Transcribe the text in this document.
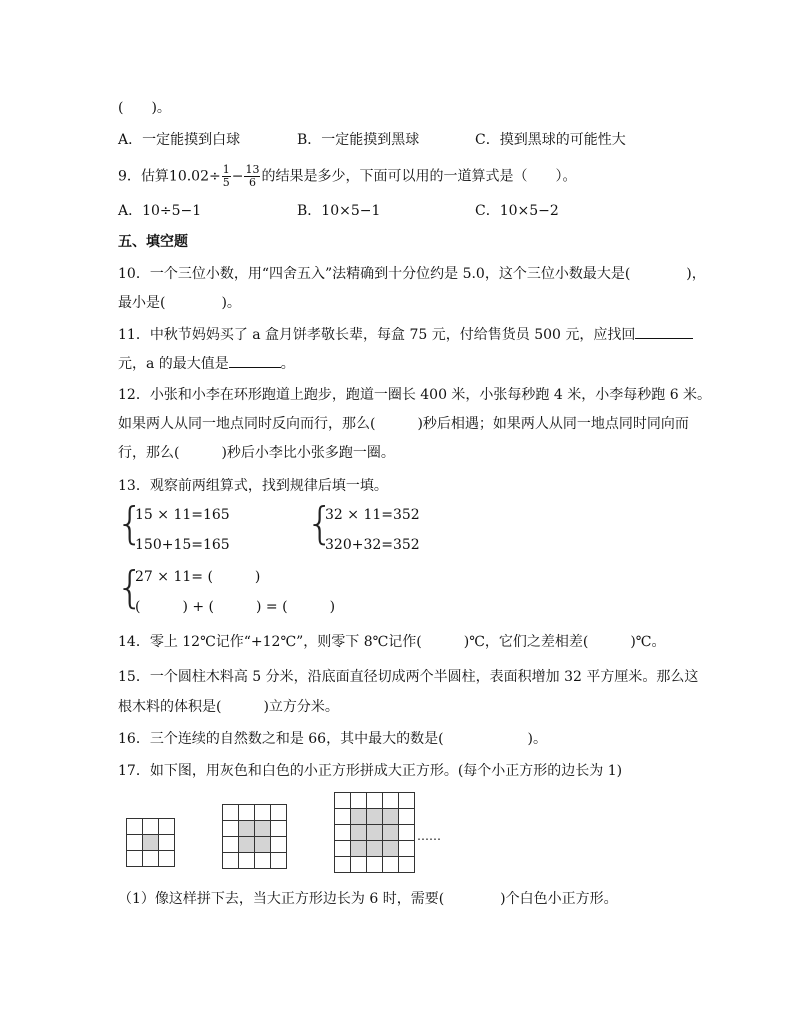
(　　)。
A．一定能摸到白球	B．一定能摸到黑球	C．摸到黑球的可能性大
9．估算$10.02\div \frac{1}{5} - \frac{13}{6}$ 的结果是多少，下面可以用的一道算式是（　　）。
A．10÷5−1	B．10×5−1	C．10×5−2
五、填空题
10．一个三位小数，用“四舍五入”法精确到十分位约是 5.0，这个三位小数最大是(　　　　)，
最小是(　　　　)。
11．中秋节妈妈买了 a 盒月饼孝敬长辈，每盒 75 元，付给售货员 500 元，应找回
元，a 的最大值是	。
12．小张和小李在环形跑道上跑步，跑道一圈长 400 米，小张每秒跑 4 米，小李每秒跑 6 米。
如果两人从同一地点同时反向而行，那么(　　　)秒后相遇；如果两人从同一地点同时同向而
行，那么(　　　)秒后小李比小张多跑一圈。
13．观察前两组算式，找到规律后填一填。
{
15 × 11=165
150+15=165 {
32 × 11=352
320+32=352
{
27 × 11= (　　　)
(　　　) + (　　　) = (　　　)
14．零上 12℃记作“+12℃”，则零下 8℃记作(　　　)℃，它们之差相差(　　　)℃。
15．一个圆柱木料高 5 分米，沿底面直径切成两个半圆柱，表面积增加 32 平方厘米。那么这
根木料的体积是(　　　)立方分米。
16．三个连续的自然数之和是 66，其中最大的数是(　　　　　　)。
17．如下图，用灰色和白色的小正方形拼成大正方形。(每个小正方形的边长为 1)
……
（1）像这样拼下去，当大正方形边长为 6 时，需要(　　　　)个白色小正方形。
